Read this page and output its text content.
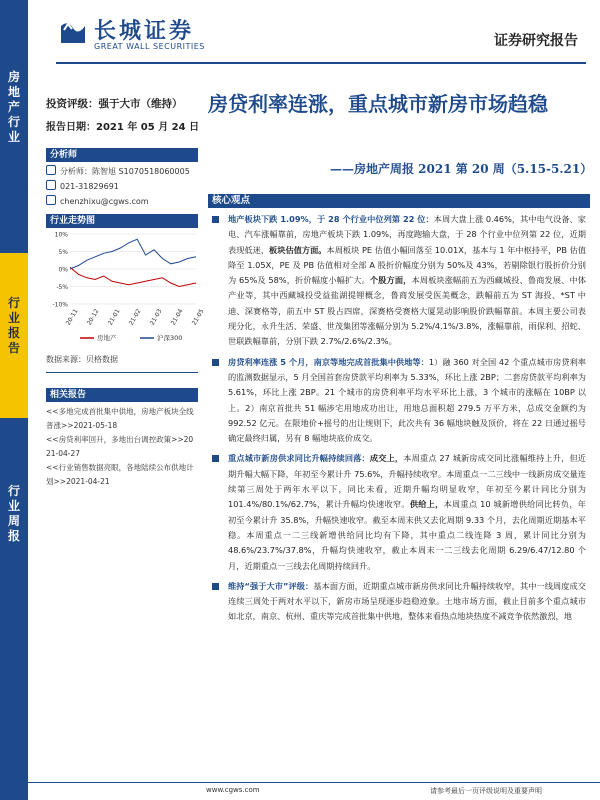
房地产行业
行业报告
行业周报
长城证券
GREAT WALL SECURITIES	证券研究报告
投资评级：强于大市（维持）
报告日期：2021 年 05 月 24 日
分析师
分析师：陈智旭 S1070518060005
021-31829691
chenzhixu@cgws.com
行业走势图
10%
5%
0%
-5%
-10%
20-11 20-12 21-01 21-02 21-03 21-04 21-05
房地产	沪深300
数据来源：贝格数据
相关报告
<<多地完成首批集中供地，房地产板块全线普涨>>2021-05-18
<<房贷利率回升，多地出台调控政策>>2021-04-27
<<行业销售数据亮眼，各地陆续公布供地计划>>2021-04-21
房贷利率连涨，重点城市新房市场趋稳
——房地产周报 2021 第 20 周（5.15-5.21）
核心观点
地产板块下跌 1.09%，于 28 个行业中位列第 22 位：本周大盘上涨 0.46%，其中电气设备、家电、汽车涨幅靠前，房地产板块下跌 1.09%，再度跑输大盘，于 28 个行业中位列第 22 位，近期表现低迷，板块估值方面。本周板块 PE 估值小幅回落至 10.01X，基本与 1 年中枢持平，PB 估值降至 1.05X，PE 及 PB 估值相对全部 A 股折价幅度分别为 50%及 43%，若剔除银行股折价分别为 65%及 58%，折价幅度小幅扩大。个股方面，本周板块涨幅前五为西藏城投、鲁商发展、中体产业等，其中西藏城投受益盐湖提锂概念，鲁商发展受医美概念，跌幅前五为 ST 海投、*ST 中迪、深赛格等，前五中 ST 股占四席，深赛格受赛格大厦晃动影响股价跌幅靠前。本周主要公司表现分化，永升生活、荣盛、世茂集团等涨幅分别为 5.2%/4.1%/3.8%，涨幅靠前，雨保利、招蛇、世联跌幅靠前，分别下跌 2.7%/2.6%/2.3%。
房贷利率连涨 5 个月，南京等地完成首批集中供地等：1）融 360 对全国 42 个重点城市房贷利率的监测数据显示，5 月全国首套房贷款平均利率为 5.33%，环比上涨 2BP；二套房贷款平均利率为 5.61%，环比上涨 2BP。21 个城市的房贷利率平均水平环比上涨，3 个城市的涨幅在 10BP 以上。2）南京首批共 51 幅涉宅用地成功出让，用地总面积超 279.5 万平方米，总成交金额约为 992.52 亿元。在限地价+摇号的出让规则下，此次共有 36 幅地块触及顶价，将在 22 日通过摇号确定最终归属，另有 8 幅地块底价成交。
重点城市新房供求同比升幅持续回落：成交上，本周重点 27 城新房成交同比涨幅维持上升，但近期升幅大幅下降，年初至今累计升 75.6%，升幅持续收窄。本周重点一二三线中一线新房成交量连续第三周处于两年水平以下，同比未看，近期升幅均明显收窄，年初至今累计同比分别为 101.4%/80.1%/62.7%，累计升幅均快速收窄。供给上，本周重点 10 城新增供给同比转负，年初至今累计升 35.8%，升幅快速收窄。截至本周末供又去化周期 9.33 个月，去化周期近期基本平稳。本周重点一二三线新增供给同比均有下降，其中重点二线连降 3 周，累计同比分别为 48.6%/23.7%/37.8%，升幅均快速收窄，截止本周末一二三线去化周期 6.29/6.47/12.80 个月，近期重点一三线去化周期持续回升。
维持“强于大市”评级：基本面方面，近期重点城市新房供求同比升幅持续收窄，其中一线周度成交连续三周处于两对水平以下，新房市场呈现逐步趋稳迹象。土地市场方面，截止目前多个重点城市如北京，南京、杭州、重庆等完成首批集中供地，整体来看热点地块热度不减竞争依然激烈，地
www.cgws.com	请参考最后一页评级说明及重要声明
